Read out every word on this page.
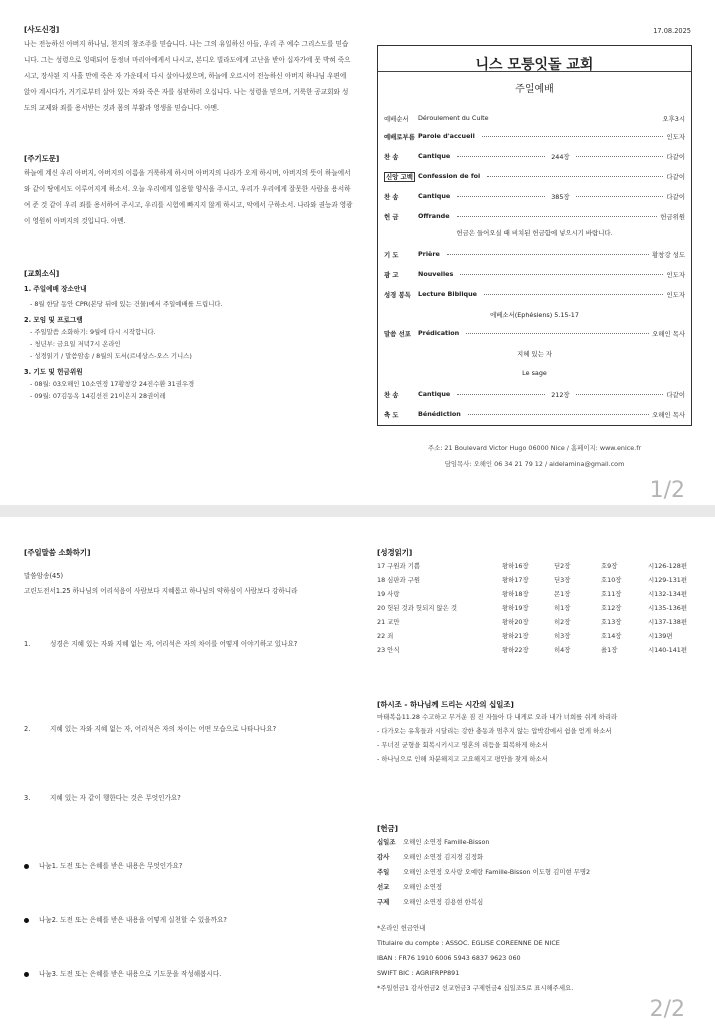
17.08.2025
[사도신경]
나는 전능하신 아버지 하나님, 천지의 창조주를 믿습니다. 나는 그의 유일하신 아들, 우리 주 예수 그리스도를 믿습니다. 그는 성령으로 잉태되어 동정녀 마리아에게서 나시고, 본디오 빌라도에게 고난을 받아 십자가에 못 박혀 죽으시고, 장사된 지 사흘 만에 죽은 자 가운데서 다시 살아나셨으며, 하늘에 오르시어 전능하신 아버지 하나님 우편에 앉아 계시다가, 거기로부터 살아 있는 자와 죽은 자를 심판하러 오십니다. 나는 성령을 믿으며, 거룩한 공교회와 성도의 교제와 죄를 용서받는 것과 몸의 부활과 영생을 믿습니다. 아멘.
[주기도문]
하늘에 계신 우리 아버지, 아버지의 이름을 거룩하게 하시며 아버지의 나라가 오게 하시며, 아버지의 뜻이 하늘에서와 같이 땅에서도 이루어지게 하소서. 오늘 우리에게 일용할 양식을 주시고, 우리가 우리에게 잘못한 사람을 용서하여 준 것 같이 우리 죄를 용서하여 주시고, 우리를 시험에 빠지지 않게 하시고, 악에서 구하소서. 나라와 권능과 영광이 영원히 아버지의 것입니다. 아멘.
[교회소식]
1. 주일예배 장소안내
- 8월 한달 동안 CPR(본당 뒤에 있는 건물)에서 주일예배를 드립니다.
2. 모임 및 프로그램
- 주일말씀 소화하기: 9월에 다시 시작합니다.
- 청년부: 금요일 저녁7시 온라인
- 성경읽기 / 말씀암송 / 8월의 도서(르네상스-오스 기니스)
3. 기도 및 헌금위원
- 08월: 03오해인 10소연정 17황창강 24진수환 31권우경
- 09월: 07김동옥 14김선진 21이은지 28권이레
니스 모퉁잇돌 교회
주일예배
예배순서	Déroulement du Culte	오후3시
예배로부름 Parole d'accueil	인도자
찬 송	Cantique	244장	다같이
신앙 고백 Confession de foi	다같이
찬 송	Cantique	385장	다같이
헌 금	Offrande	헌금위원
헌금은 들어오실 때 비치된 헌금함에 넣으시기 바랍니다.
기 도	Prière	황창강 성도
광 고	Nouvelles	인도자
성경 봉독	Lecture Biblique	인도자
에베소서(Ephésiens) 5.15-17
말씀 선포	Prédication	오해인 목사
지혜 있는 자
Le sage
찬 송	Cantique	212장	다같이
축 도	Bénédiction	오해인 목사
주소: 21 Boulevard Victor Hugo 06000 Nice / 홈페이지: www.enice.fr
담임목사: 오해인 06 34 21 79 12 / aidelamina@gmail.com
1/2
[주일말씀 소화하기]
말씀암송(45)
고린도전서1.25 하나님의 어리석음이 사람보다 지혜롭고 하나님의 약하심이 사람보다 강하니라
1.	성경은 지혜 있는 자와 지혜 없는 자, 어리석은 자의 차이를 어떻게 이야기하고 있나요?
2.	지혜 있는 자와 지혜 없는 자, 어리석은 자의 차이는 어떤 모습으로 나타나나요?
3.	지혜 있는 자 같이 행한다는 것은 무엇인가요?
나눔1. 도전 또는 은혜를 받은 내용은 무엇인가요?
나눔2. 도전 또는 은혜를 받은 내용을 어떻게 실천할 수 있을까요?
나눔3. 도전 또는 은혜를 받은 내용으로 기도문을 작성해봅시다.
[성경읽기]
17 구원과 기쁨	왕하16장	딛2장	호9장	시126-128편
18 심판과 구원	왕하17장	딛3장	호10장	시129-131편
19 사랑	왕하18장	몬1장	호11장	시132-134편
20 헛된 것과 헛되지 않은 것	왕하19장	히1장	호12장	시135-136편
21 교만	왕하20장	히2장	호13장	시137-138편
22 죄	왕하21장	히3장	호14장	시139편
23 안식	왕하22장	히4장	욜1장	시140-141편
[하시조 - 하나님께 드리는 시간의 십일조]
마태복음11.28 수고하고 무거운 짐 진 자들아 다 내게로 오라 내가 너희를 쉬게 하리라
- 다가오는 유혹들과 시달리는 강한 충동과 멈추지 않는 압박감에서 쉼을 얻게 하소서
- 무너진 균형을 회복시키시고 영혼의 리듬을 회복하게 하소서
- 하나님으로 인해 차분해지고 고요해지고 평안을 찾게 하소서
[헌금]
십일조 오해인 소연정 Famille-Bisson
감사 오해인 소연정 김지경 김정화
주일 오해인 소연정 오사랑 오예랑 Famille-Bisson 이도형 김미현 무명2
선교 오해인 소연정
구제 오해인 소연정 김용현 한복심
*온라인 헌금안내
Titulaire du compte : ASSOC. EGLISE COREENNE DE NICE
IBAN : FR76 1910 6006 5943 6837 9623 060
SWIFT BIC : AGRIFRPP891
*주일헌금1 감사헌금2 선교헌금3 구제헌금4 십일조5로 표시해주세요.
2/2
